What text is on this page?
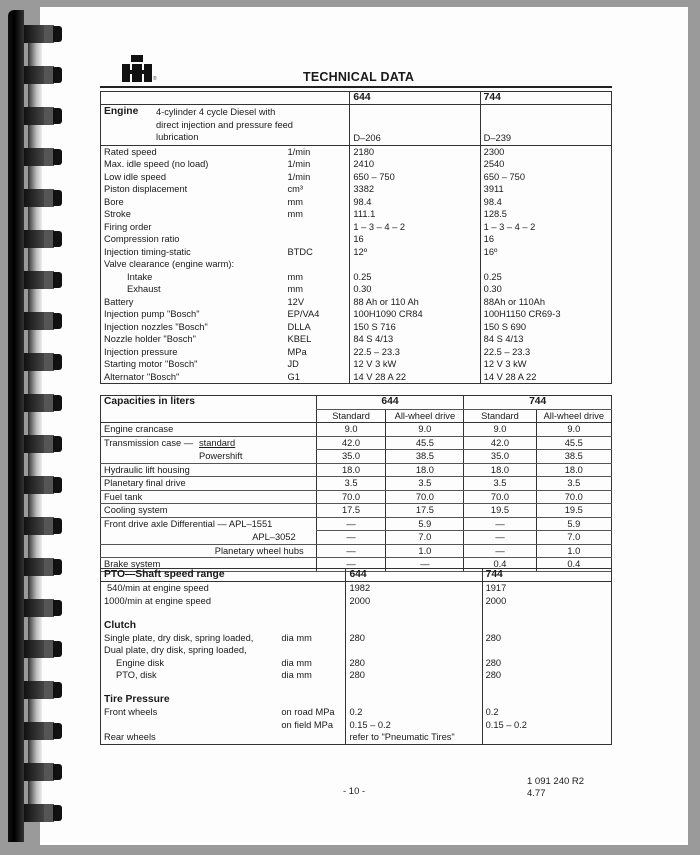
®	TECHNICAL DATA
		644	744
Engine 4-cylinder 4 cycle Diesel with
direct injection and pressure feed
lubrication		D–206	D–239
Rated speed	1/min	2180	2300
Max. idle speed (no load)	1/min	2410	2540
Low idle speed	1/min	650 – 750	650 – 750
Piston displacement	cm³	3382	3911
Bore	mm	98.4	98.4
Stroke	mm	111.1	128.5
Firing order		1 – 3 – 4 – 2	1 – 3 – 4 – 2
Compression ratio		16	16
Injection timing-static	BTDC	12º	16º
Valve clearance (engine warm):			
Intake	mm	0.25	0.25
Exhaust	mm	0.30	0.30
Battery	12V	88 Ah or 110 Ah	88Ah or 110Ah
Injection pump "Bosch"	EP/VA4	100H1090 CR84	100H1150 CR69-3
Injection nozzles "Bosch"	DLLA	150 S 716	150 S 690
Nozzle holder "Bosch"	KBEL	84 S 4/13	84 S 4/13
Injection pressure	MPa	22.5 – 23.3	22.5 – 23.3
Starting motor "Bosch"	JD	12 V 3 kW	12 V 3 kW
Alternator "Bosch"	G1	14 V 28 A 22	14 V 28 A 22
Capacities in liters	644		744	
	Standard	All-wheel drive	Standard	All-wheel drive
Engine crancase	9.0	9.0	9.0	9.0
Transmission case — standard	42.0	45.5	42.0	45.5
Powershift	35.0	38.5	35.0	38.5
Hydraulic lift housing	18.0	18.0	18.0	18.0
Planetary final drive	3.5	3.5	3.5	3.5
Fuel tank	70.0	70.0	70.0	70.0
Cooling system	17.5	17.5	19.5	19.5
Front drive axle Differential — APL–1551	—	5.9	—	5.9
APL–3052	—	7.0	—	7.0
Planetary wheel hubs	—	1.0	—	1.0
Brake system	—	—	0.4	0.4
PTO—Shaft speed range		644	744
540/min at engine speed		1982	1917
1000/min at engine speed		2000	2000

Clutch			
Single plate, dry disk, spring loaded,	dia mm	280	280
Dual plate, dry disk, spring loaded,			
Engine disk	dia mm	280	280
PTO, disk	dia mm	280	280

Tire Pressure			
Front wheels	on road MPa	0.2	0.2
	on field MPa	0.15 – 0.2	0.15 – 0.2
Rear wheels		refer to "Pneumatic Tires"	
- 10 -
1 091 240 R2
4.77
